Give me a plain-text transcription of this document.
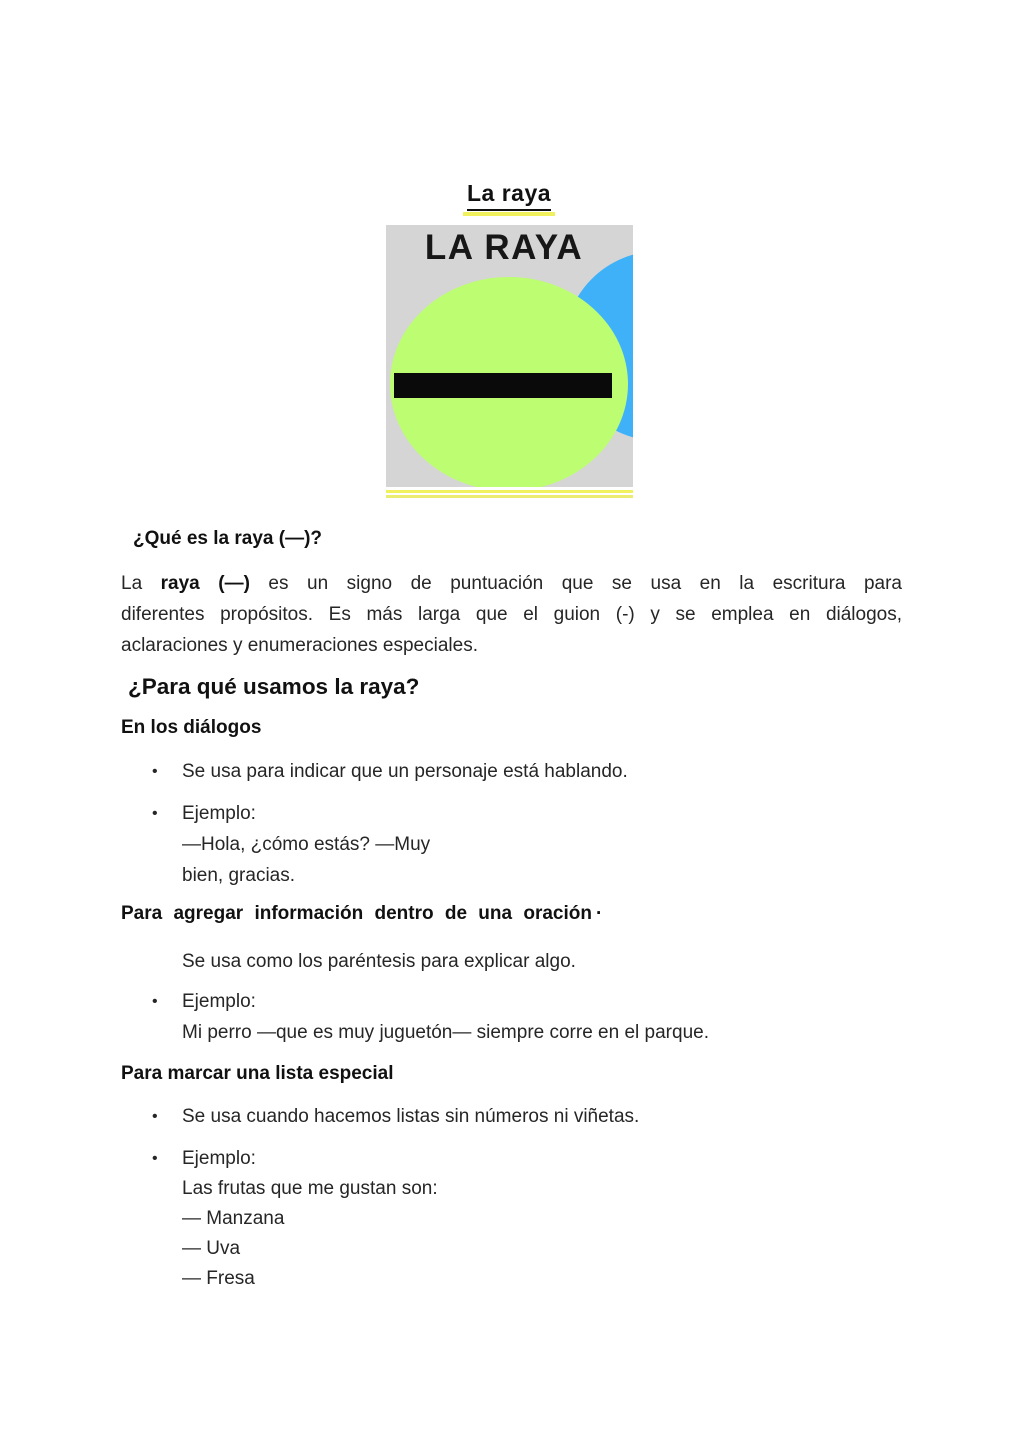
La raya
LA RAYA
¿Qué es la raya (—)?
La raya (—) es un signo de puntuación que se usa en la escritura para
diferentes propósitos. Es más larga que el guion (-) y se emplea en diálogos,
aclaraciones y enumeraciones especiales.
¿Para qué usamos la raya?
En los diálogos
•	Se usa para indicar que un personaje está hablando.
•	Ejemplo:
—Hola, ¿cómo estás? —Muy
bien, gracias.
Para agregar información dentro de una oración ·
Se usa como los paréntesis para explicar algo.
•	Ejemplo:
Mi perro —que es muy juguetón— siempre corre en el parque.
Para marcar una lista especial
•	Se usa cuando hacemos listas sin números ni viñetas.
•	Ejemplo:
Las frutas que me gustan son:
— Manzana
— Uva
— Fresa
